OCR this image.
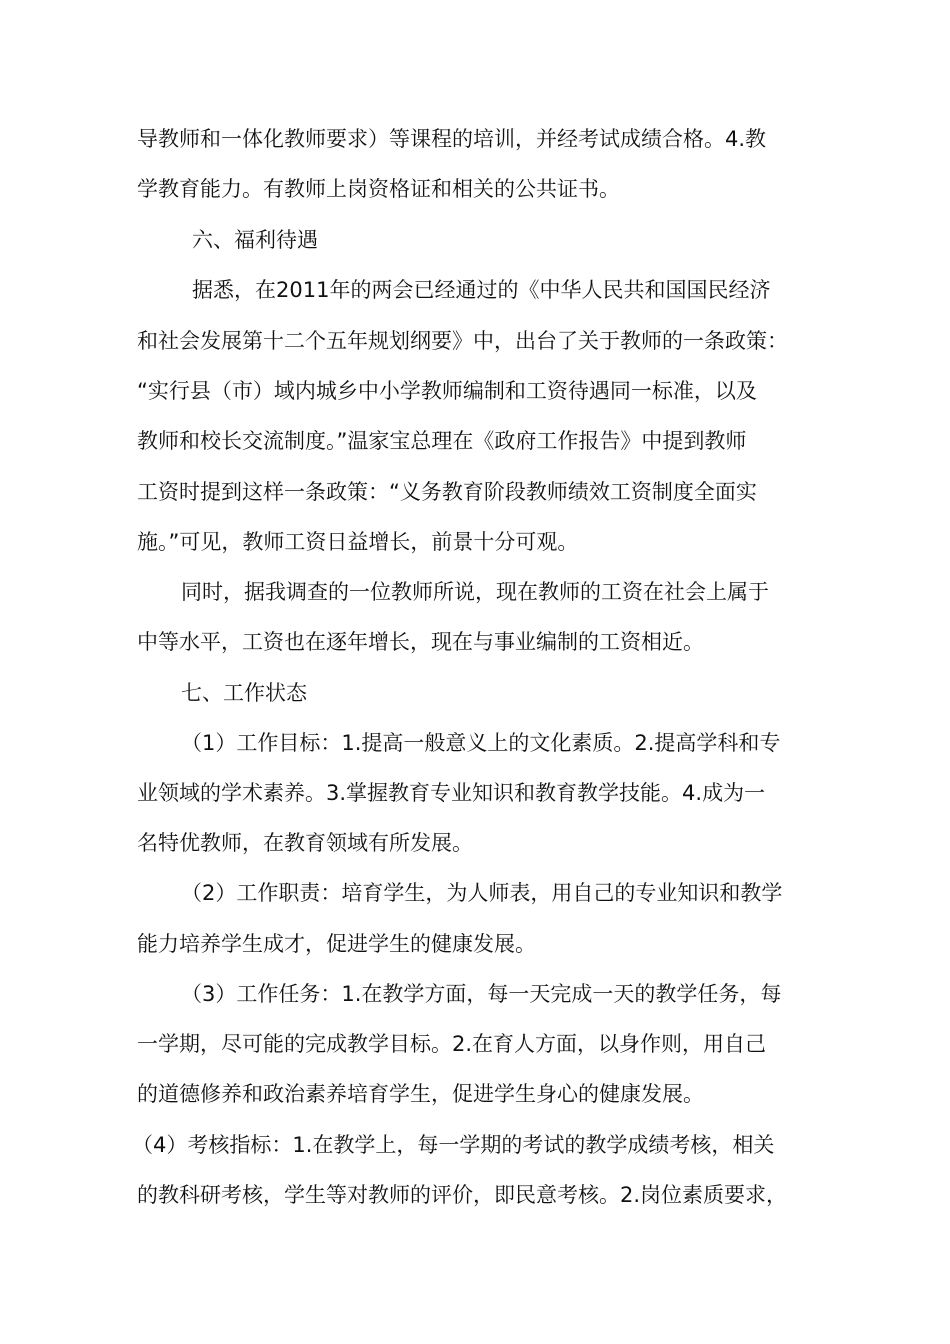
导教师和一体化教师要求）等课程的培训，并经考试成绩合格。4.教
学教育能力。有教师上岗资格证和相关的公共证书。
六、福利待遇
据悉，在2011年的两会已经通过的《中华人民共和国国民经济
和社会发展第十二个五年规划纲要》中，出台了关于教师的一条政策：
“实行县（市）域内城乡中小学教师编制和工资待遇同一标准，以及
教师和校长交流制度。”温家宝总理在《政府工作报告》中提到教师
工资时提到这样一条政策：“义务教育阶段教师绩效工资制度全面实
施。”可见，教师工资日益增长，前景十分可观。
同时，据我调查的一位教师所说，现在教师的工资在社会上属于
中等水平，工资也在逐年增长，现在与事业编制的工资相近。
七、工作状态
（1）工作目标：1.提高一般意义上的文化素质。2.提高学科和专
业领域的学术素养。3.掌握教育专业知识和教育教学技能。4.成为一
名特优教师，在教育领域有所发展。
（2）工作职责：培育学生，为人师表，用自己的专业知识和教学
能力培养学生成才，促进学生的健康发展。
（3）工作任务：1.在教学方面，每一天完成一天的教学任务，每
一学期，尽可能的完成教学目标。2.在育人方面，以身作则，用自己
的道德修养和政治素养培育学生，促进学生身心的健康发展。
（4）考核指标：1.在教学上，每一学期的考试的教学成绩考核，相关
的教科研考核，学生等对教师的评价，即民意考核。2.岗位素质要求，
